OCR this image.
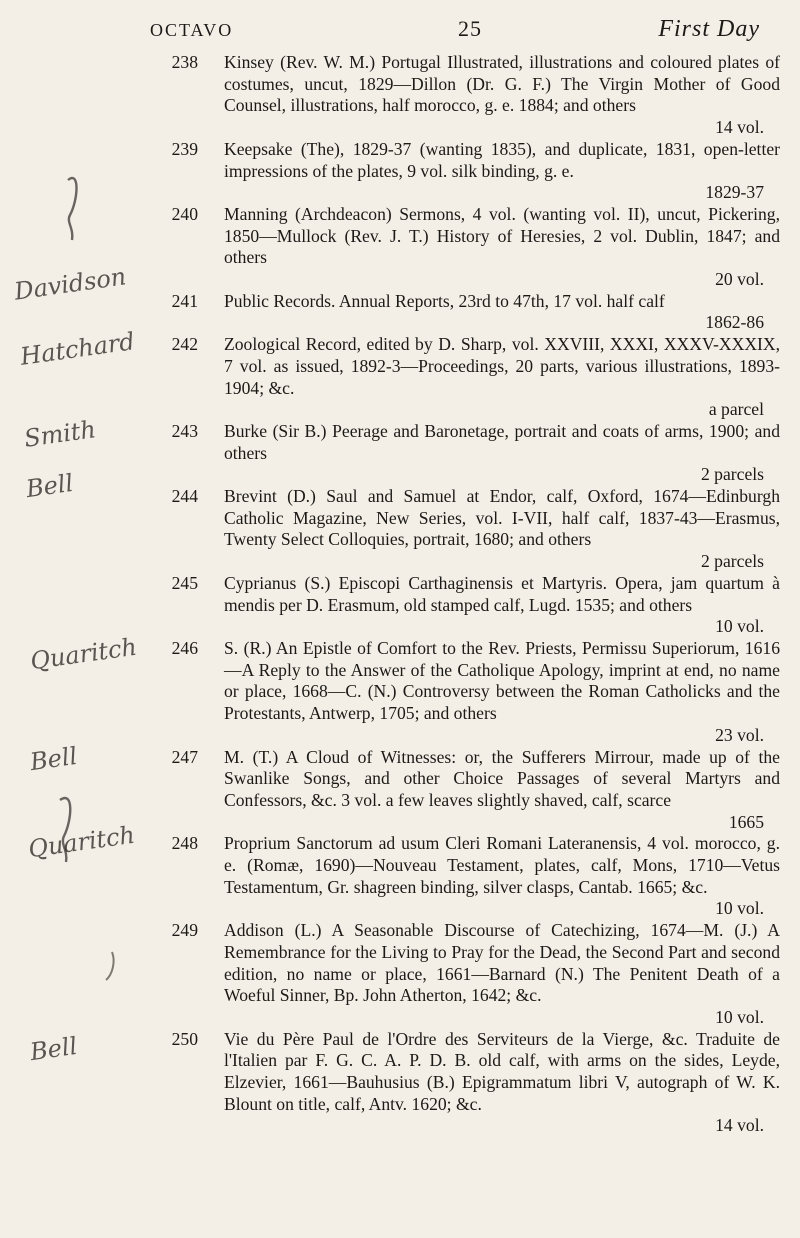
OCTAVO	25	First Day
Davidson
Hatchard
Smith
Bell
Quaritch
Bell
Quaritch
Bell
238 Kinsey (Rev. W. M.) Portugal Illustrated, illustrations and coloured plates of costumes, uncut, 1829—Dillon (Dr. G. F.) The Virgin Mother of Good Counsel, illustrations, half morocco, g. e. 1884; and others
14 vol.
239 Keepsake (The), 1829-37 (wanting 1835), and duplicate, 1831, open-letter impressions of the plates, 9 vol. silk binding, g. e.
1829-37
240 Manning (Archdeacon) Sermons, 4 vol. (wanting vol. II), uncut, Pickering, 1850—Mullock (Rev. J. T.) History of Heresies, 2 vol. Dublin, 1847; and others
20 vol.
241 Public Records. Annual Reports, 23rd to 47th, 17 vol. half calf
1862-86
242 Zoological Record, edited by D. Sharp, vol. XXVIII, XXXI, XXXV-XXXIX, 7 vol. as issued, 1892-3—Proceedings, 20 parts, various illustrations, 1893-1904; &c.
a parcel
243 Burke (Sir B.) Peerage and Baronetage, portrait and coats of arms, 1900; and others
2 parcels
244 Brevint (D.) Saul and Samuel at Endor, calf, Oxford, 1674—Edinburgh Catholic Magazine, New Series, vol. I-VII, half calf, 1837-43—Erasmus, Twenty Select Colloquies, portrait, 1680; and others
2 parcels
245 Cyprianus (S.) Episcopi Carthaginensis et Martyris. Opera, jam quartum à mendis per D. Erasmum, old stamped calf, Lugd. 1535; and others
10 vol.
246 S. (R.) An Epistle of Comfort to the Rev. Priests, Permissu Superiorum, 1616—A Reply to the Answer of the Catholique Apology, imprint at end, no name or place, 1668—C. (N.) Controversy between the Roman Catholicks and the Protestants, Antwerp, 1705; and others
23 vol.
247 M. (T.) A Cloud of Witnesses: or, the Sufferers Mirrour, made up of the Swanlike Songs, and other Choice Passages of several Martyrs and Confessors, &c. 3 vol. a few leaves slightly shaved, calf, scarce
1665
248 Proprium Sanctorum ad usum Cleri Romani Lateranensis, 4 vol. morocco, g. e. (Romæ, 1690)—Nouveau Testament, plates, calf, Mons, 1710—Vetus Testamentum, Gr. shagreen binding, silver clasps, Cantab. 1665; &c.
10 vol.
249 Addison (L.) A Seasonable Discourse of Catechizing, 1674—M. (J.) A Remembrance for the Living to Pray for the Dead, the Second Part and second edition, no name or place, 1661—Barnard (N.) The Penitent Death of a Woeful Sinner, Bp. John Atherton, 1642; &c.
10 vol.
250 Vie du Père Paul de l'Ordre des Serviteurs de la Vierge, &c. Traduite de l'Italien par F. G. C. A. P. D. B. old calf, with arms on the sides, Leyde, Elzevier, 1661—Bauhusius (B.) Epigrammatum libri V, autograph of W. K. Blount on title, calf, Antv. 1620; &c.
14 vol.
